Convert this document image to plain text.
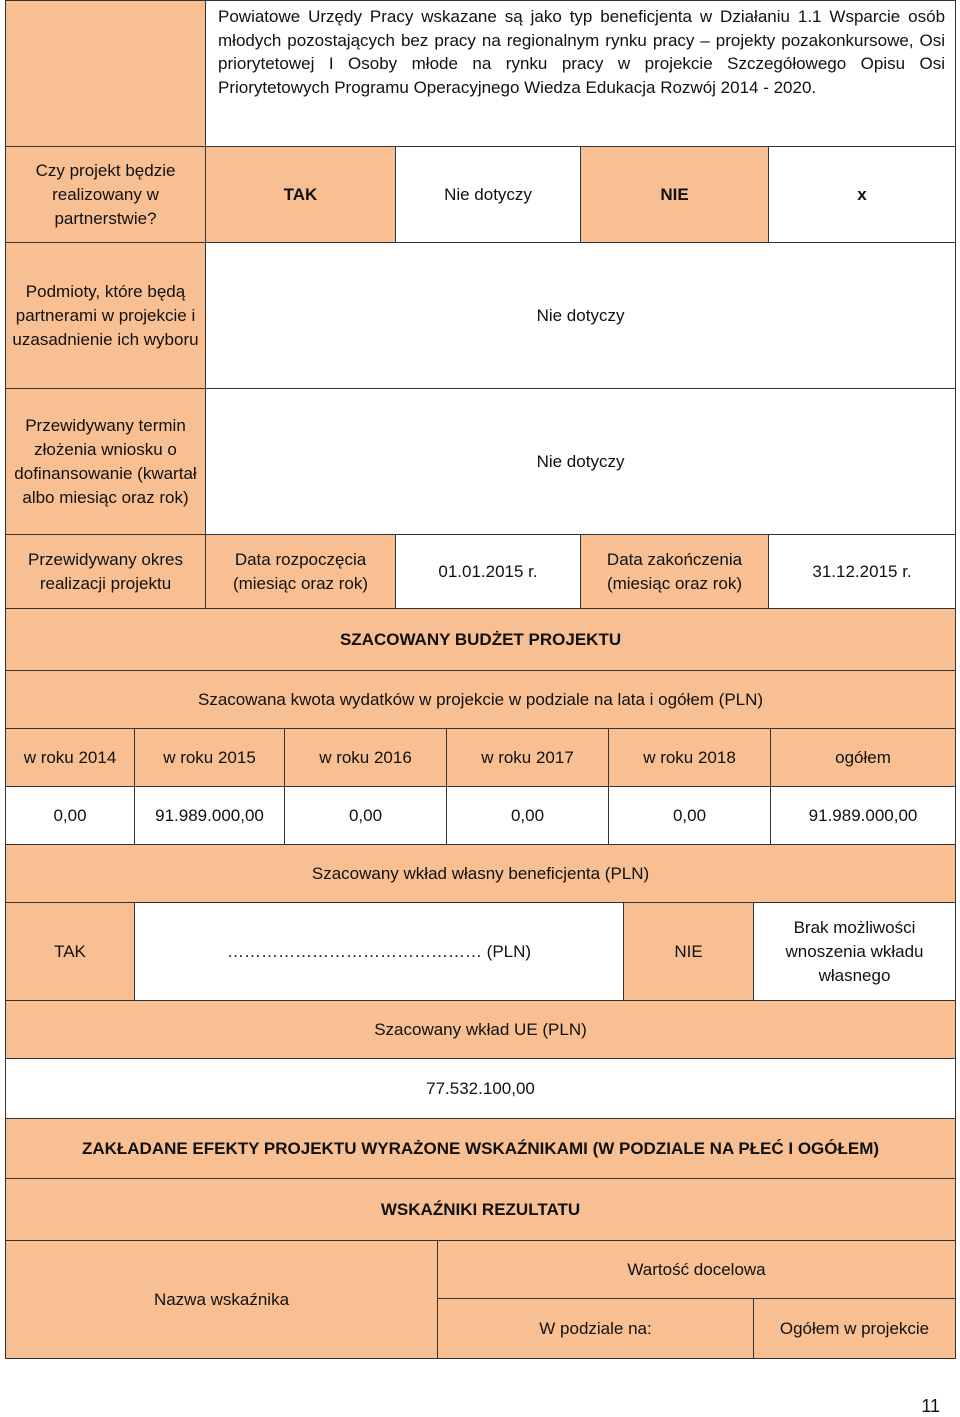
	Powiatowe Urzędy Pracy wskazane są jako typ beneficjenta w Działaniu 1.1 Wsparcie osób młodych pozostających bez pracy na regionalnym rynku pracy – projekty pozakonkursowe, Osi priorytetowej I Osoby młode na rynku pracy w projekcie Szczegółowego Opisu Osi Priorytetowych Programu Operacyjnego Wiedza Edukacja Rozwój 2014 - 2020.			
Czy projekt będzie realizowany w partnerstwie?	TAK	Nie dotyczy	NIE	x
Podmioty, które będą partnerami w projekcie i uzasadnienie ich wyboru	Nie dotyczy			
Przewidywany termin złożenia wniosku o dofinansowanie (kwartał albo miesiąc oraz rok)	Nie dotyczy			
Przewidywany okres realizacji projektu	Data rozpoczęcia (miesiąc oraz rok)	01.01.2015 r.	Data zakończenia (miesiąc oraz rok)	31.12.2015 r.
SZACOWANY BUDŻET PROJEKTU					
Szacowana kwota wydatków w projekcie w podziale na lata i ogółem (PLN)					
w roku 2014	w roku 2015	w roku 2016	w roku 2017	w roku 2018	ogółem
0,00	91.989.000,00	0,00	0,00	0,00	91.989.000,00
Szacowany wkład własny beneficjenta (PLN)					
TAK	……………………………………… (PLN)	NIE	Brak możliwości wnoszenia wkładu własnego
Szacowany wkład UE (PLN)
77.532.100,00
ZAKŁADANE EFEKTY PROJEKTU WYRAŻONE WSKAŹNIKAMI (W PODZIALE NA PŁEĆ I OGÓŁEM)
WSKAŹNIKI REZULTATU
Nazwa wskaźnika	Wartość docelowa	
	W podziale na:	Ogółem w projekcie
11
